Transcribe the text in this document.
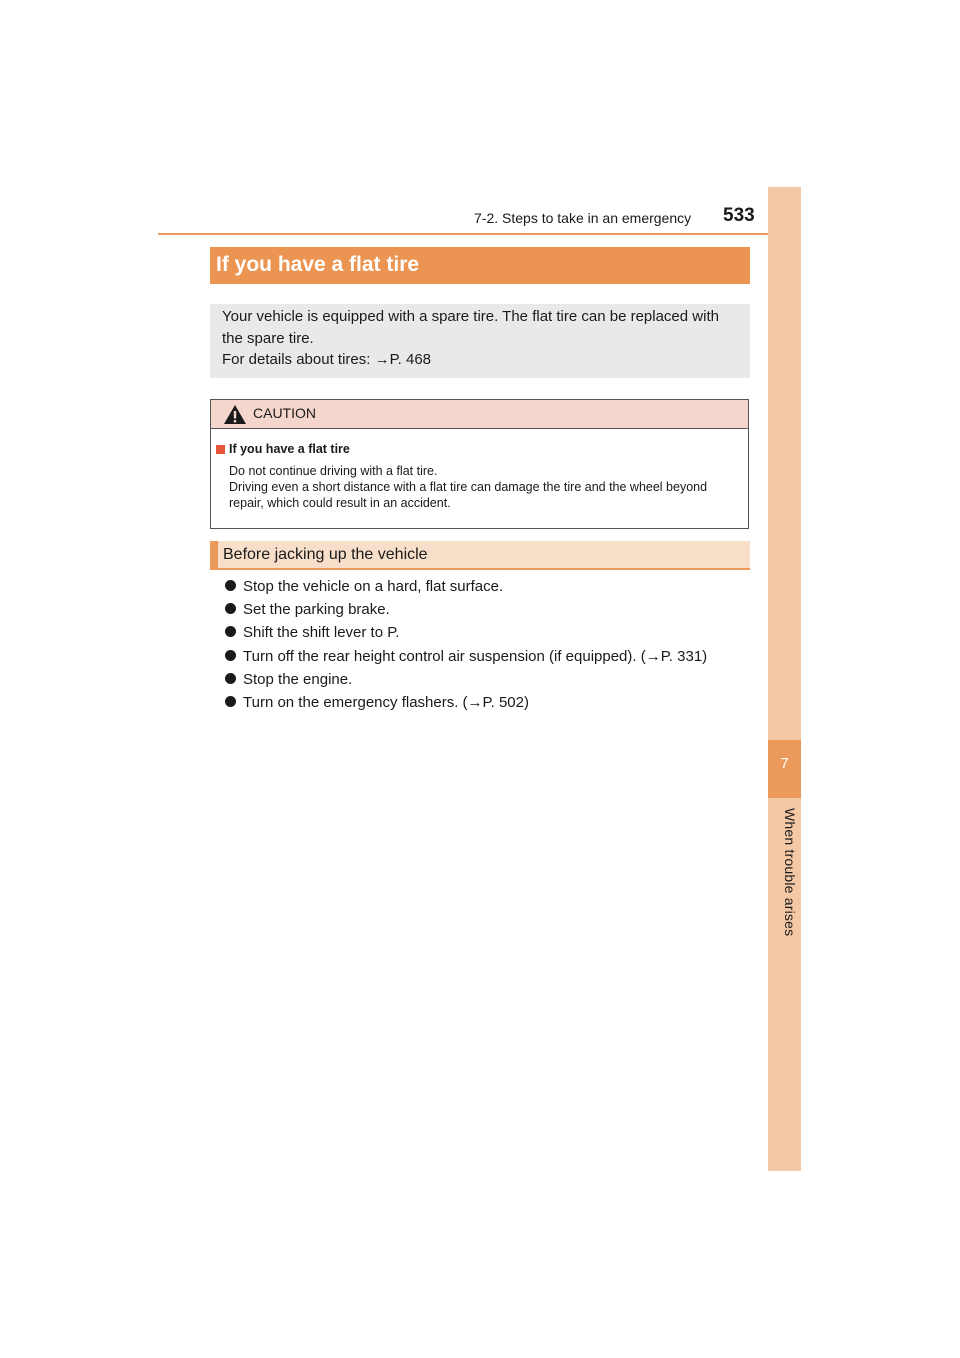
7-2. Steps to take in an emergency 533
7
When trouble arises
If you have a flat tire
Your vehicle is equipped with a spare tire. The flat tire can be replaced with
the spare tire.
For details about tires: →P. 468
CAUTION
If you have a flat tire
Do not continue driving with a flat tire.
Driving even a short distance with a flat tire can damage the tire and the wheel beyond
repair, which could result in an accident.
Before jacking up the vehicle
Stop the vehicle on a hard, flat surface.
Set the parking brake.
Shift the shift lever to P.
Turn off the rear height control air suspension (if equipped). (→P. 331)
Stop the engine.
Turn on the emergency flashers. (→P. 502)
